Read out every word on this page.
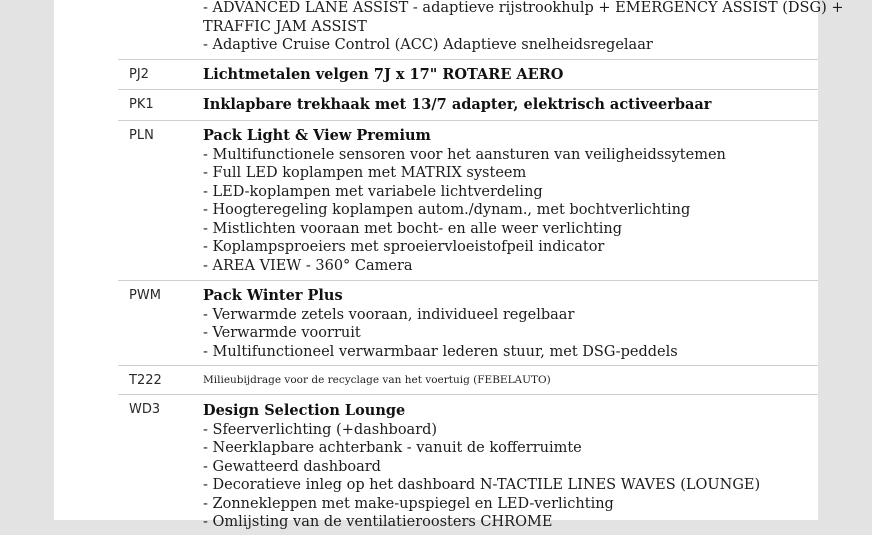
- ADVANCED LANE ASSIST - adaptieve rijstrookhulp + EMERGENCY ASSIST (DSG) +
TRAFFIC JAM ASSIST
- Adaptive Cruise Control (ACC) Adaptieve snelheidsregelaar
PJ2	Lichtmetalen velgen 7J x 17" ROTARE AERO
PK1	Inklapbare trekhaak met 13/7 adapter, elektrisch activeerbaar
PLN	Pack Light & View Premium
- Multifunctionele sensoren voor het aansturen van veiligheidssytemen
- Full LED koplampen met MATRIX systeem
- LED-koplampen met variabele lichtverdeling
- Hoogteregeling koplampen autom./dynam., met bochtverlichting
- Mistlichten vooraan met bocht- en alle weer verlichting
- Koplampsproeiers met sproeiervloeistofpeil indicator
- AREA VIEW - 360° Camera
PWM	Pack Winter Plus
- Verwarmde zetels vooraan, individueel regelbaar
- Verwarmde voorruit
- Multifunctioneel verwarmbaar lederen stuur, met DSG-peddels
T222	Milieubijdrage voor de recyclage van het voertuig (FEBELAUTO)
WD3	Design Selection Lounge
- Sfeerverlichting (+dashboard)
- Neerklapbare achterbank - vanuit de kofferruimte
- Gewatteerd dashboard
- Decoratieve inleg op het dashboard N-TACTILE LINES WAVES (LOUNGE)
- Zonnekleppen met make-upspiegel en LED-verlichting
- Omlijsting van de ventilatieroosters CHROME
